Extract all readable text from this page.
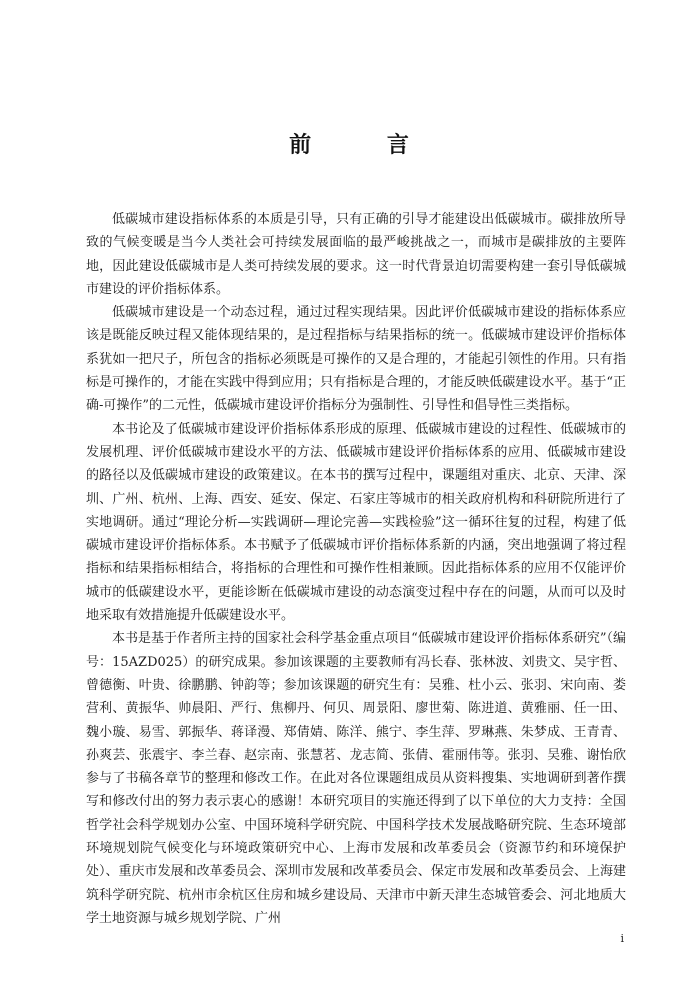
前 言

低碳城市建设指标体系的本质是引导，只有正确的引导才能建设出低碳城市。碳排放所导致的气候变暖是当今人类社会可持续发展面临的最严峻挑战之一，而城市是碳排放的主要阵地，因此建设低碳城市是人类可持续发展的要求。这一时代背景迫切需要构建一套引导低碳城市建设的评价指标体系。

低碳城市建设是一个动态过程，通过过程实现结果。因此评价低碳城市建设的指标体系应该是既能反映过程又能体现结果的，是过程指标与结果指标的统一。低碳城市建设评价指标体系犹如一把尺子，所包含的指标必须既是可操作的又是合理的，才能起引领性的作用。只有指标是可操作的，才能在实践中得到应用；只有指标是合理的，才能反映低碳建设水平。基于“正确-可操作”的二元性，低碳城市建设评价指标分为强制性、引导性和倡导性三类指标。

本书论及了低碳城市建设评价指标体系形成的原理、低碳城市建设的过程性、低碳城市的发展机理、评价低碳城市建设水平的方法、低碳城市建设评价指标体系的应用、低碳城市建设的路径以及低碳城市建设的政策建议。在本书的撰写过程中，课题组对重庆、北京、天津、深圳、广州、杭州、上海、西安、延安、保定、石家庄等城市的相关政府机构和科研院所进行了实地调研。通过“理论分析—实践调研—理论完善—实践检验”这一循环往复的过程，构建了低碳城市建设评价指标体系。本书赋予了低碳城市评价指标体系新的内涵，突出地强调了将过程指标和结果指标相结合，将指标的合理性和可操作性相兼顾。因此指标体系的应用不仅能评价城市的低碳建设水平，更能诊断在低碳城市建设的动态演变过程中存在的问题，从而可以及时地采取有效措施提升低碳建设水平。

本书是基于作者所主持的国家社会科学基金重点项目“低碳城市建设评价指标体系研究”（编号：15AZD025）的研究成果。参加该课题的主要教师有冯长春、张林波、刘贵文、吴宇哲、曾德衡、叶贵、徐鹏鹏、钟韵等；参加该课题的研究生有：吴雅、杜小云、张羽、宋向南、娄营利、黄振华、帅晨阳、严行、焦柳丹、何贝、周景阳、廖世菊、陈进道、黄雅丽、任一田、魏小璇、易雪、郭振华、蒋译漫、郑倩婧、陈洋、熊宁、李生萍、罗琳燕、朱梦成、王青青、孙爽芸、张震宇、李兰春、赵宗南、张慧茗、龙志简、张倩、霍丽伟等。张羽、吴雅、谢怡欣参与了书稿各章节的整理和修改工作。在此对各位课题组成员从资料搜集、实地调研到著作撰写和修改付出的努力表示衷心的感谢！本研究项目的实施还得到了以下单位的大力支持：全国哲学社会科学规划办公室、中国环境科学研究院、中国科学技术发展战略研究院、生态环境部环境规划院气候变化与环境政策研究中心、上海市发展和改革委员会（资源节约和环境保护处）、重庆市发展和改革委员会、深圳市发展和改革委员会、保定市发展和改革委员会、上海建筑科学研究院、杭州市余杭区住房和城乡建设局、天津市中新天津生态城管委会、河北地质大学土地资源与城乡规划学院、广州

i
